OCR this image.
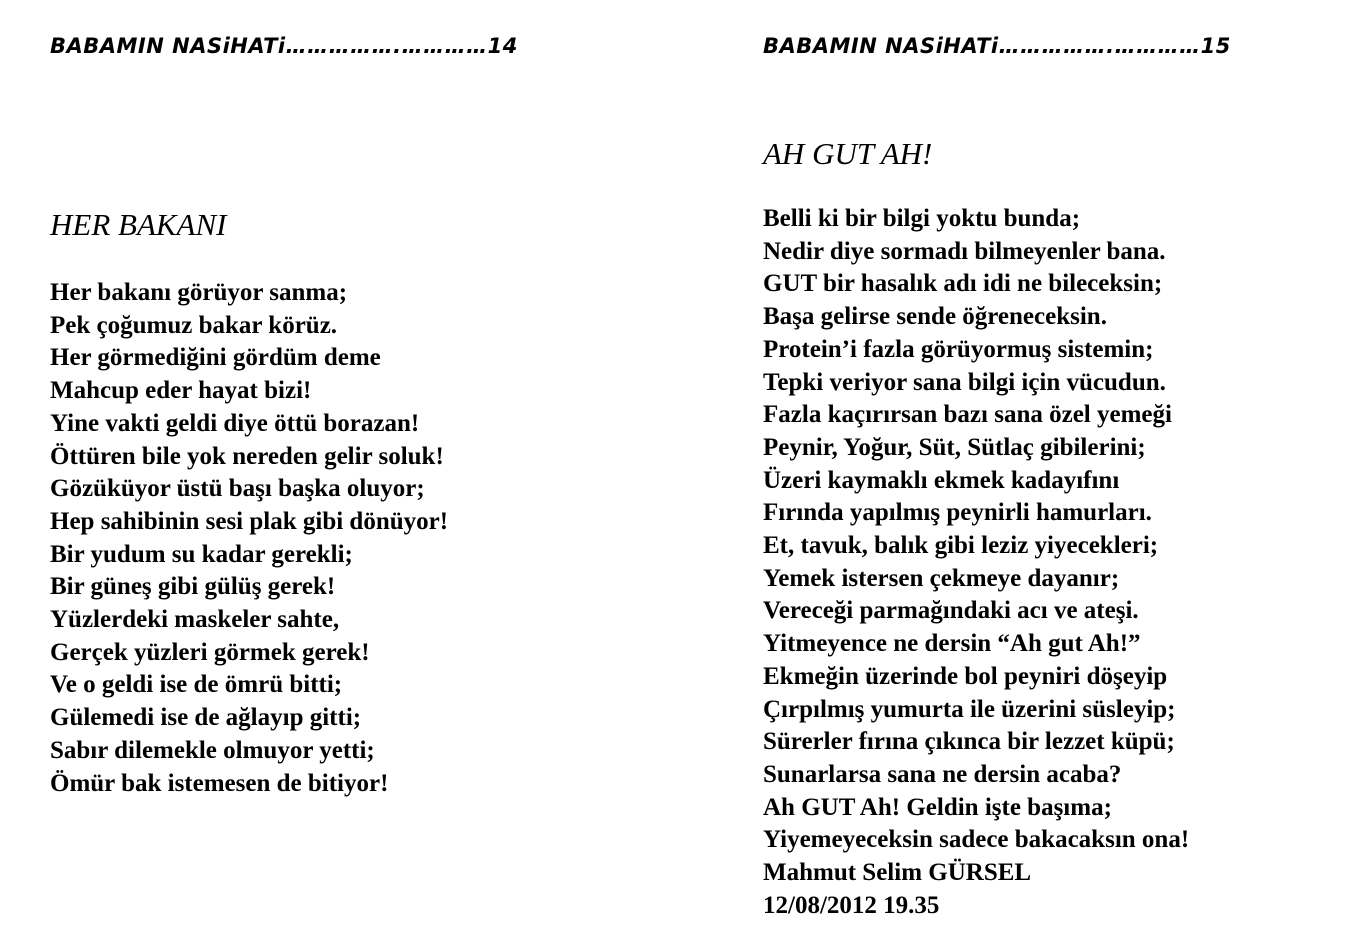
BABAMIN NASiHATi…………….…………14
HER BAKANI
Her bakanı görüyor sanma;
Pek çoğumuz bakar körüz.
Her görmediğini gördüm deme
Mahcup eder hayat bizi!
Yine vakti geldi diye öttü borazan!
Öttüren bile yok nereden gelir soluk!
Gözüküyor üstü başı başka oluyor;
Hep sahibinin sesi plak gibi dönüyor!
Bir yudum su kadar gerekli;
Bir güneş gibi gülüş gerek!
Yüzlerdeki maskeler sahte,
Gerçek yüzleri görmek gerek!
Ve o geldi ise de ömrü bitti;
Gülemedi ise de ağlayıp gitti;
Sabır dilemekle olmuyor yetti;
Ömür bak istemesen de bitiyor!
BABAMIN NASiHATi…………….…………15
AH GUT AH!
Belli ki bir bilgi yoktu bunda;
Nedir diye sormadı bilmeyenler bana.
GUT bir hasalık adı idi ne bileceksin;
Başa gelirse sende öğreneceksin.
Protein’i fazla görüyormuş sistemin;
Tepki veriyor sana bilgi için vücudun.
Fazla kaçırırsan bazı sana özel yemeği
Peynir, Yoğur, Süt, Sütlaç gibilerini;
Üzeri kaymaklı ekmek kadayıfını
Fırında yapılmış peynirli hamurları.
Et, tavuk, balık gibi leziz yiyecekleri;
Yemek istersen çekmeye dayanır;
Vereceği parmağındaki acı ve ateşi.
Yitmeyence ne dersin “Ah gut Ah!”
Ekmeğin üzerinde bol peyniri döşeyip
Çırpılmış yumurta ile üzerini süsleyip;
Sürerler fırına çıkınca bir lezzet küpü;
Sunarlarsa sana ne dersin acaba?
Ah GUT Ah! Geldin işte başıma;
Yiyemeyeceksin sadece bakacaksın ona!
Mahmut Selim GÜRSEL
12/08/2012 19.35
